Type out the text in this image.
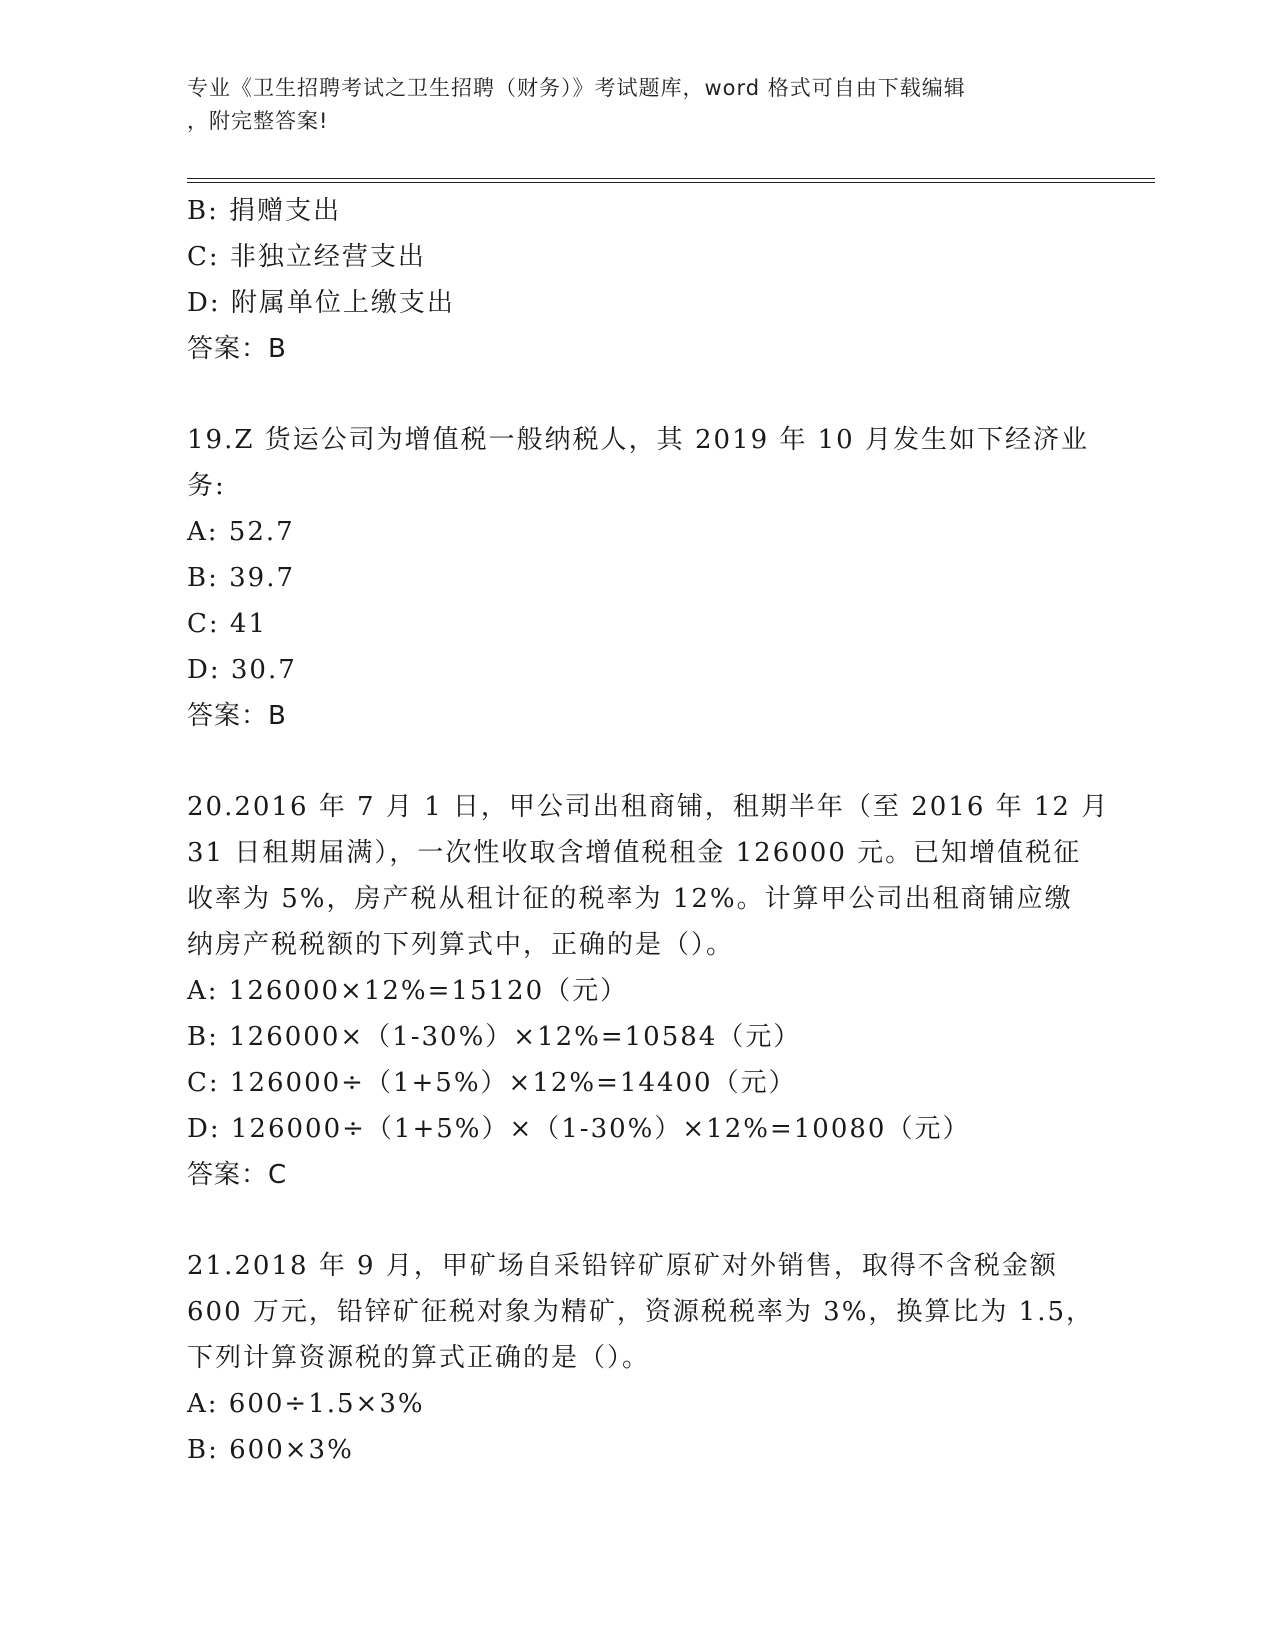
专业《卫生招聘考试之卫生招聘（财务）》考试题库，word 格式可自由下载编辑
，附完整答案!
B: 捐赠支出
C: 非独立经营支出
D: 附属单位上缴支出
答案：B
19.Z 货运公司为增值税一般纳税人，其 2019 年 10 月发生如下经济业
务:
A: 52.7
B: 39.7
C: 41
D: 30.7
答案：B
20.2016 年 7 月 1 日，甲公司出租商铺，租期半年（至 2016 年 12 月
31 日租期届满），一次性收取含增值税租金 126000 元。已知增值税征
收率为 5%，房产税从租计征的税率为 12%。计算甲公司出租商铺应缴
纳房产税税额的下列算式中，正确的是（）。
A: 126000×12%=15120（元）
B: 126000×（1-30%）×12%=10584（元）
C: 126000÷（1+5%）×12%=14400（元）
D: 126000÷（1+5%）×（1-30%）×12%=10080（元）
答案：C
21.2018 年 9 月，甲矿场自采铅锌矿原矿对外销售，取得不含税金额
600 万元，铅锌矿征税对象为精矿，资源税税率为 3%，换算比为 1.5，
下列计算资源税的算式正确的是（）。
A: 600÷1.5×3%
B: 600×3%
